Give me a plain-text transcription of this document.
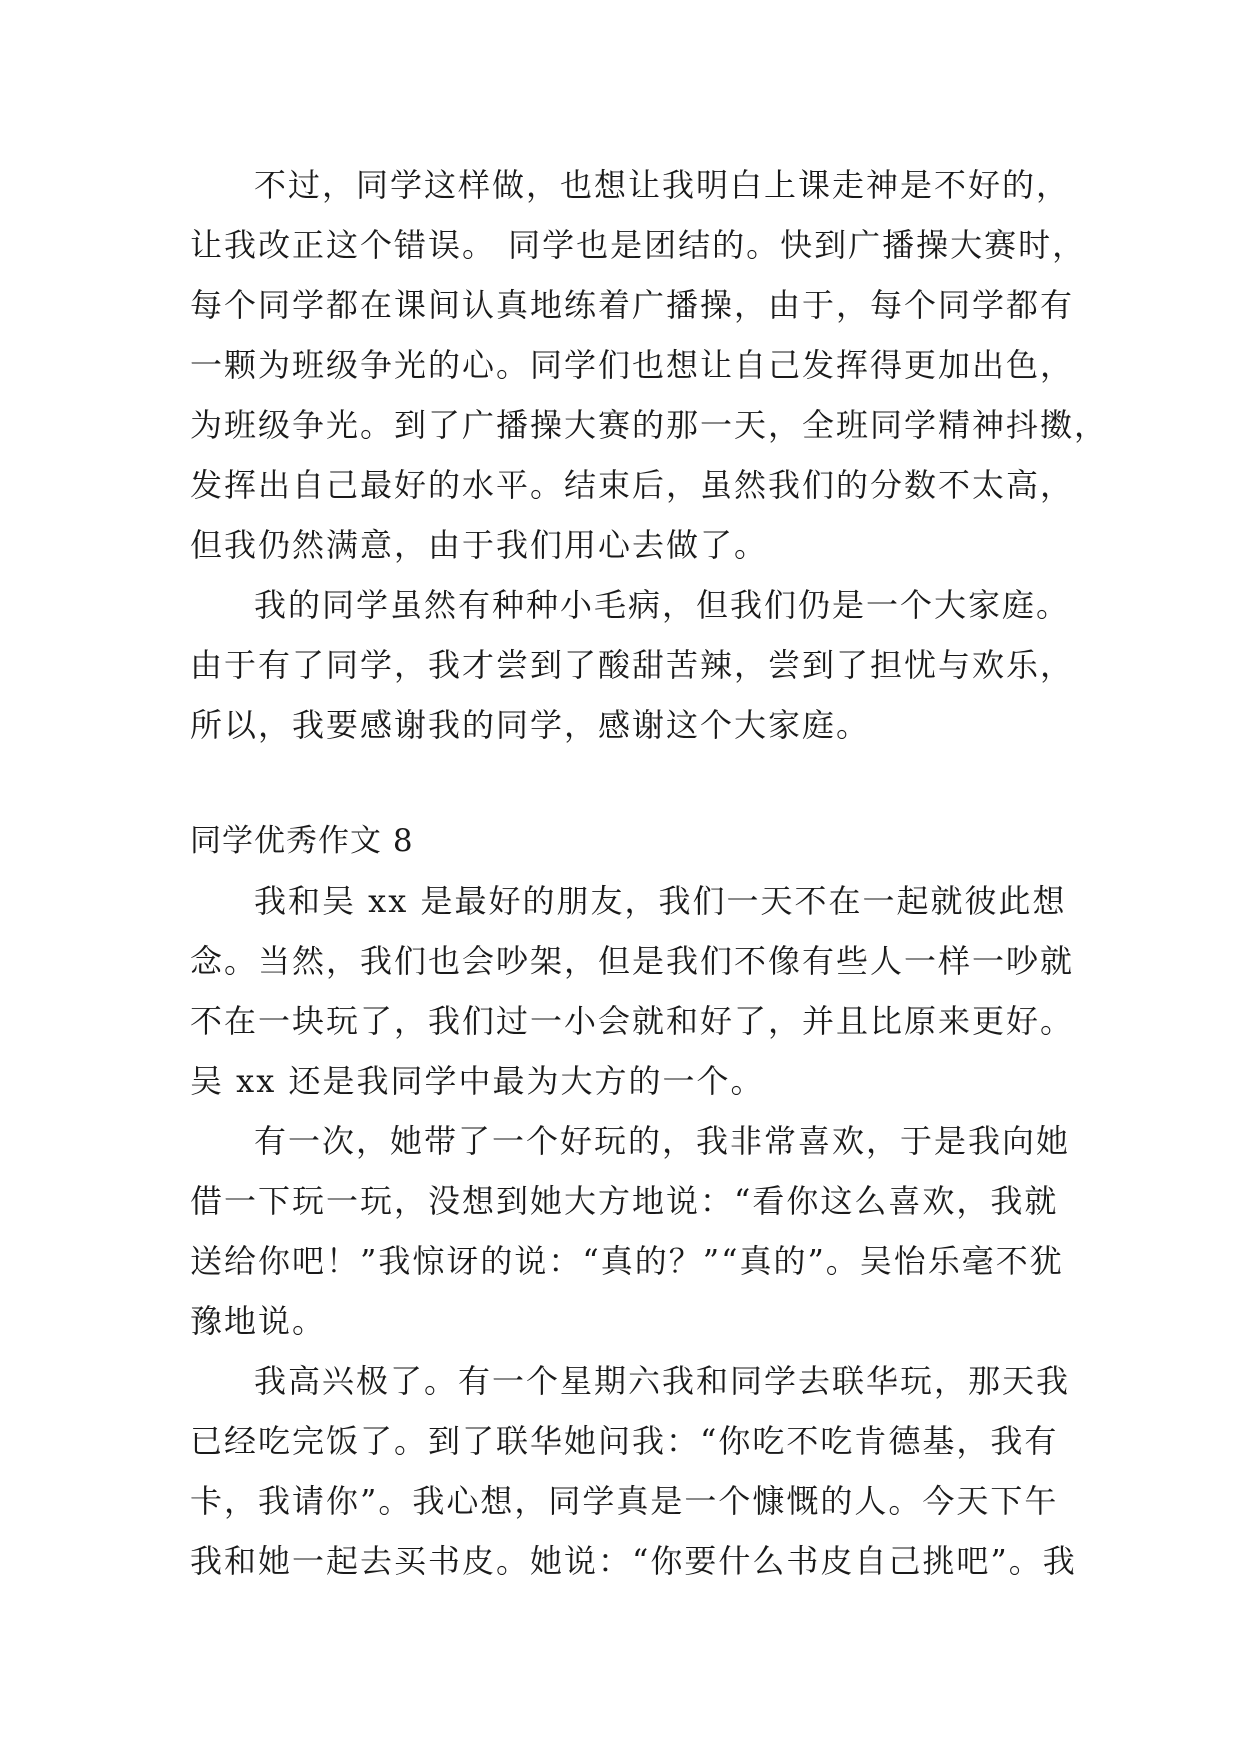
不过，同学这样做，也想让我明白上课走神是不好的，
让我改正这个错误。 同学也是团结的。快到广播操大赛时，
每个同学都在课间认真地练着广播操，由于，每个同学都有
一颗为班级争光的心。同学们也想让自己发挥得更加出色，
为班级争光。到了广播操大赛的那一天，全班同学精神抖擞，
发挥出自己最好的水平。结束后，虽然我们的分数不太高，
但我仍然满意，由于我们用心去做了。
我的同学虽然有种种小毛病，但我们仍是一个大家庭。
由于有了同学，我才尝到了酸甜苦辣，尝到了担忧与欢乐，
所以，我要感谢我的同学，感谢这个大家庭。
同学优秀作文 8
我和吴 xx 是最好的朋友，我们一天不在一起就彼此想
念。当然，我们也会吵架，但是我们不像有些人一样一吵就
不在一块玩了，我们过一小会就和好了，并且比原来更好。
吴 xx 还是我同学中最为大方的一个。
有一次，她带了一个好玩的，我非常喜欢，于是我向她
借一下玩一玩，没想到她大方地说：“看你这么喜欢，我就
送给你吧！”我惊讶的说：“真的？”“真的”。吴怡乐毫不犹
豫地说。
我高兴极了。有一个星期六我和同学去联华玩，那天我
已经吃完饭了。到了联华她问我：“你吃不吃肯德基，我有
卡，我请你”。我心想，同学真是一个慷慨的人。今天下午
我和她一起去买书皮。她说：“你要什么书皮自己挑吧”。我
